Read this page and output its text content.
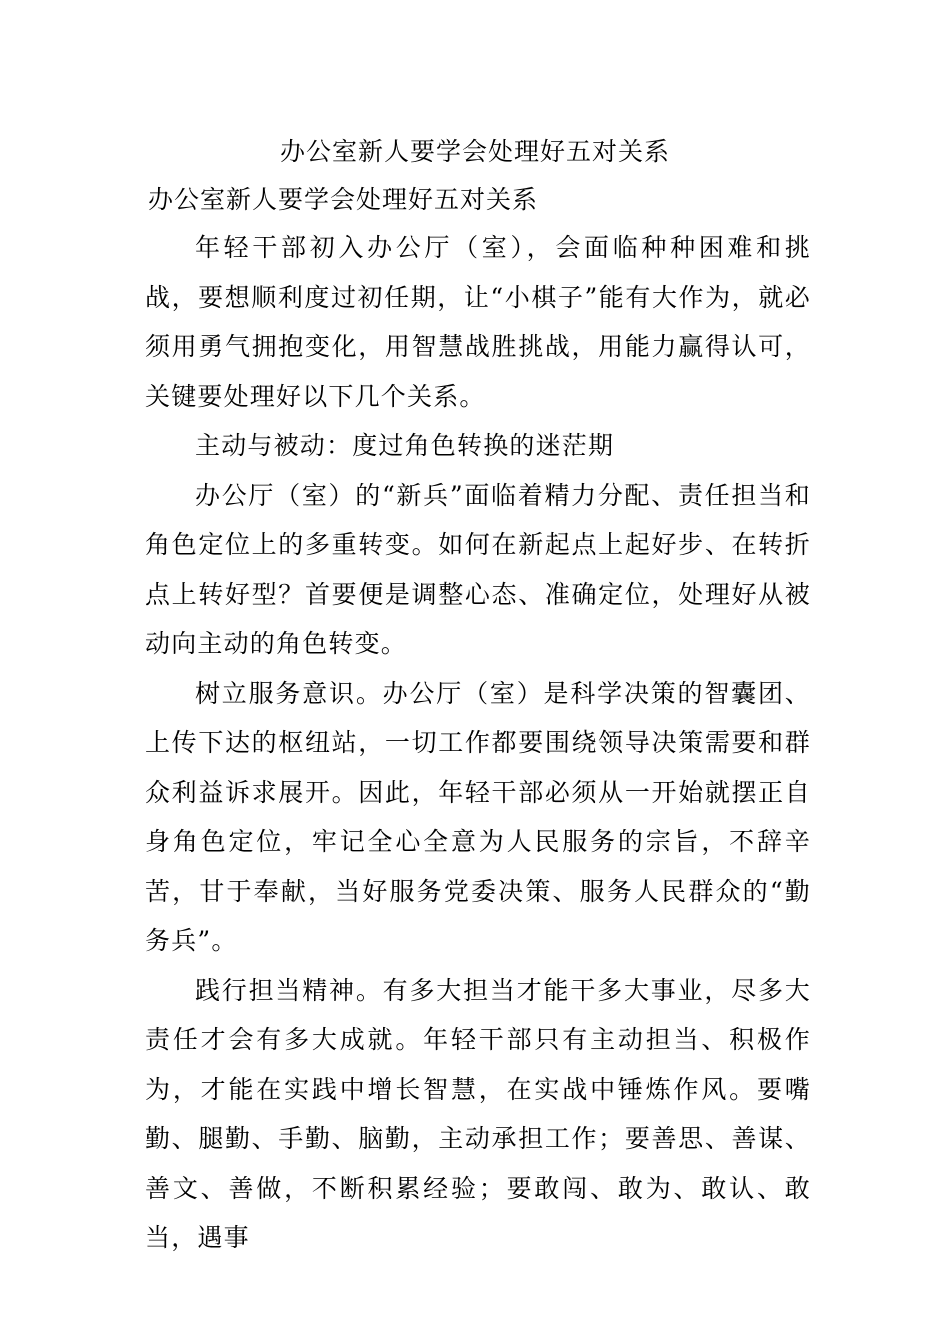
办公室新人要学会处理好五对关系
办公室新人要学会处理好五对关系

年轻干部初入办公厅（室），会面临种种困难和挑战，要想顺利度过初任期，让“小棋子”能有大作为，就必须用勇气拥抱变化，用智慧战胜挑战，用能力赢得认可，关键要处理好以下几个关系。

主动与被动：度过角色转换的迷茫期

办公厅（室）的“新兵”面临着精力分配、责任担当和角色定位上的多重转变。如何在新起点上起好步、在转折点上转好型？首要便是调整心态、准确定位，处理好从被动向主动的角色转变。

树立服务意识。办公厅（室）是科学决策的智囊团、上传下达的枢纽站，一切工作都要围绕领导决策需要和群众利益诉求展开。因此，年轻干部必须从一开始就摆正自身角色定位，牢记全心全意为人民服务的宗旨，不辞辛苦，甘于奉献，当好服务党委决策、服务人民群众的“勤务兵”。

践行担当精神。有多大担当才能干多大事业，尽多大责任才会有多大成就。年轻干部只有主动担当、积极作为，才能在实践中增长智慧，在实战中锤炼作风。要嘴勤、腿勤、手勤、脑勤，主动承担工作；要善思、善谋、善文、善做，不断积累经验；要敢闯、敢为、敢认、敢当，遇事
